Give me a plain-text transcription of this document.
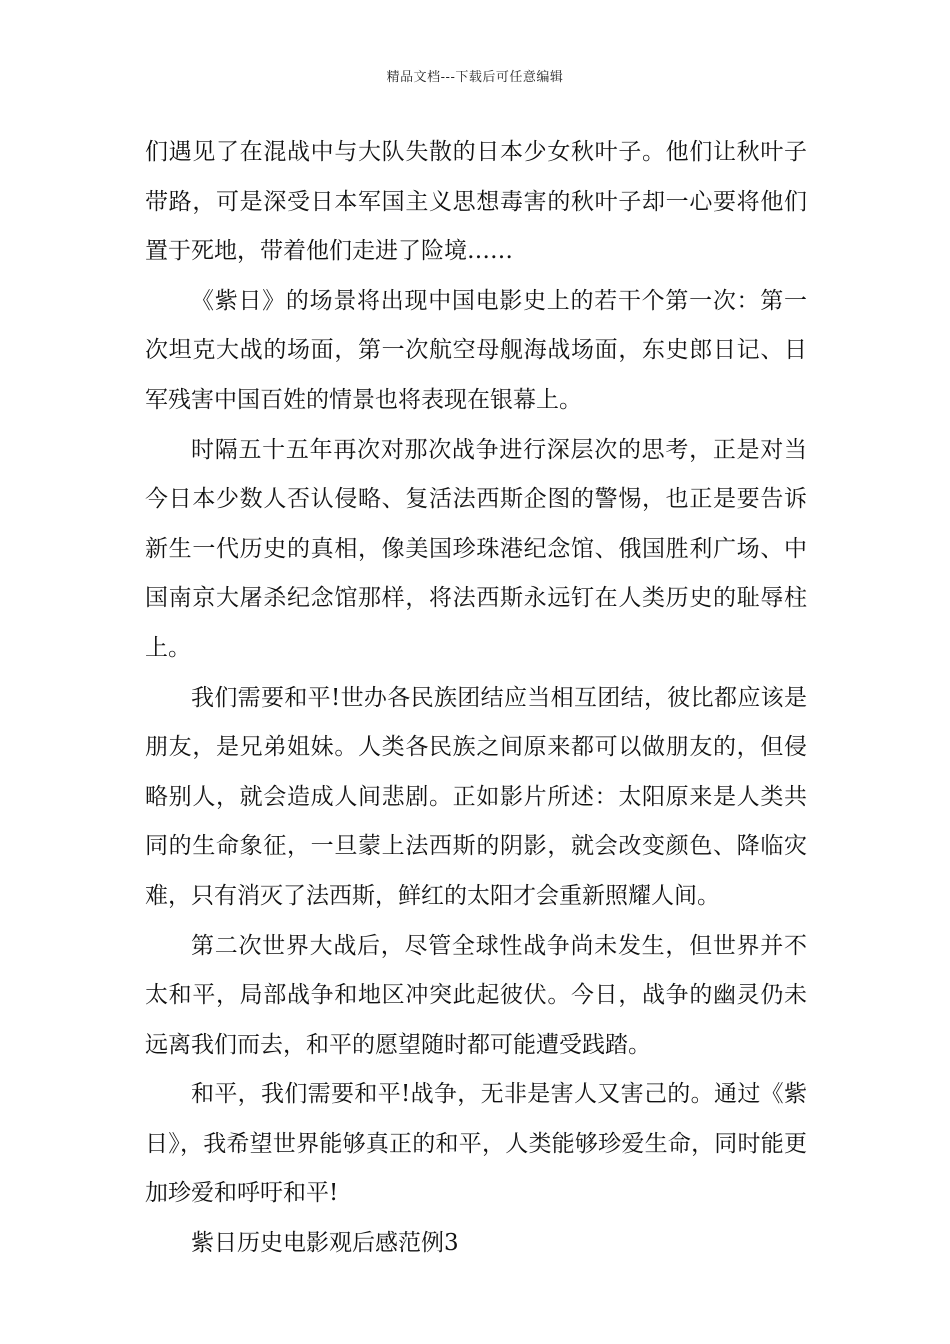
精品文档---下载后可任意编辑

们遇见了在混战中与大队失散的日本少女秋叶子。他们让秋叶子带路，可是深受日本军国主义思想毒害的秋叶子却一心要将他们置于死地，带着他们走进了险境……

《紫日》的场景将出现中国电影史上的若干个第一次：第一次坦克大战的场面，第一次航空母舰海战场面，东史郎日记、日军残害中国百姓的情景也将表现在银幕上。

时隔五十五年再次对那次战争进行深层次的思考，正是对当今日本少数人否认侵略、复活法西斯企图的警惕，也正是要告诉新生一代历史的真相，像美国珍珠港纪念馆、俄国胜利广场、中国南京大屠杀纪念馆那样，将法西斯永远钉在人类历史的耻辱柱上。

我们需要和平!世办各民族团结应当相互团结，彼比都应该是朋友，是兄弟姐妹。人类各民族之间原来都可以做朋友的，但侵略别人，就会造成人间悲剧。正如影片所述：太阳原来是人类共同的生命象征，一旦蒙上法西斯的阴影，就会改变颜色、降临灾难，只有消灭了法西斯，鲜红的太阳才会重新照耀人间。

第二次世界大战后，尽管全球性战争尚未发生，但世界并不太和平，局部战争和地区冲突此起彼伏。今日，战争的幽灵仍未远离我们而去，和平的愿望随时都可能遭受践踏。

和平，我们需要和平!战争，无非是害人又害己的。通过《紫日》，我希望世界能够真正的和平，人类能够珍爱生命，同时能更加珍爱和呼吁和平!

紫日历史电影观后感范例3
